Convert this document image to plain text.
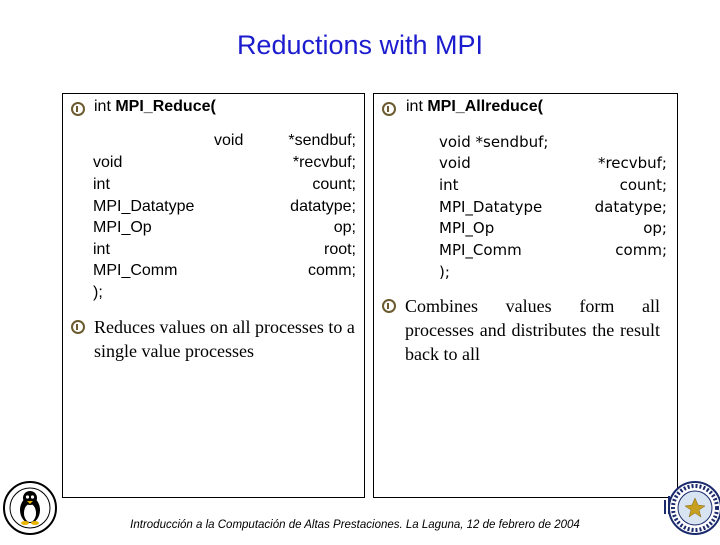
Reductions with MPI
int MPI_Reduce(
void	*sendbuf;
void	*recvbuf;
int	count;
MPI_Datatype	datatype;
MPI_Op	op;
int	root;
MPI_Comm	comm;
);
Reduces values on all processes to a single value processes
int MPI_Allreduce(
void *sendbuf;
void	*recvbuf;
int	count;
MPI_Datatype	datatype;
MPI_Op	op;
MPI_Comm	comm;
);
Combines values form all processes and distributes the result back to all
Introducción a la Computación de Altas Prestaciones. La Laguna, 12 de febrero de 2004
